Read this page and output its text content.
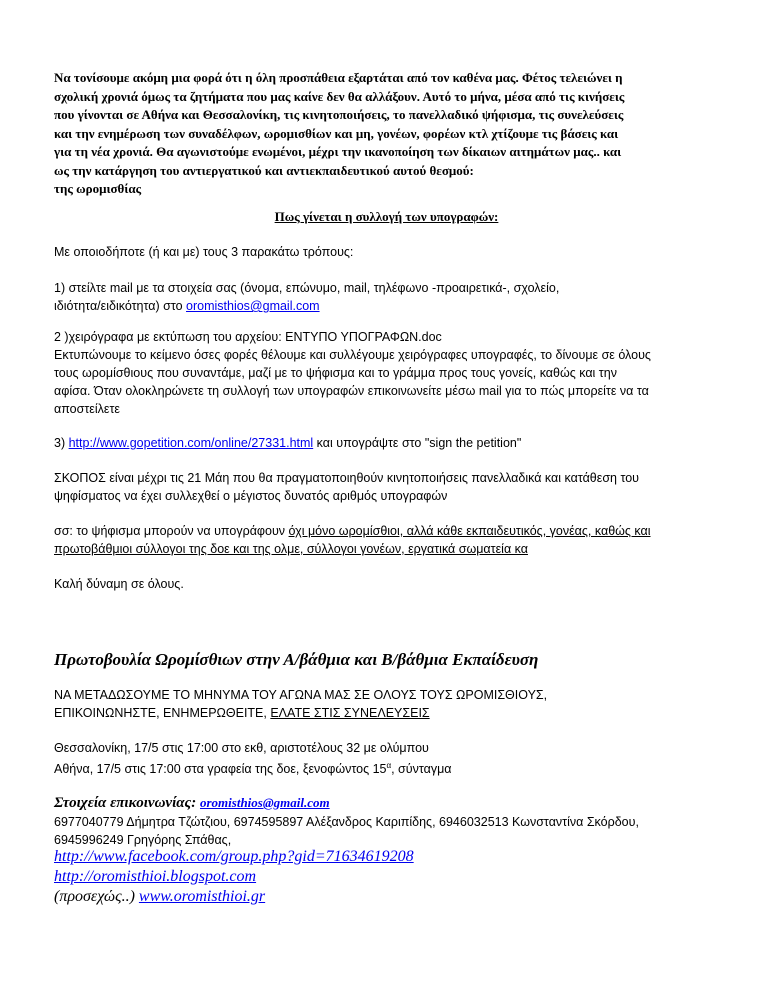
Να τονίσουμε ακόμη μια φορά ότι η όλη προσπάθεια εξαρτάται από τον καθένα μας. Φέτος τελειώνει η
σχολική χρονιά όμως τα ζητήματα που μας καίνε δεν θα αλλάξουν. Αυτό το μήνα, μέσα από τις κινήσεις
που γίνονται σε Αθήνα και Θεσσαλονίκη, τις κινητοποιήσεις, το πανελλαδικό ψήφισμα, τις συνελεύσεις
και την ενημέρωση των συναδέλφων, ωρομισθίων και μη, γονέων, φορέων κτλ χτίζουμε τις βάσεις και
για τη νέα χρονιά. Θα αγωνιστούμε ενωμένοι, μέχρι την ικανοποίηση των δίκαιων αιτημάτων μας.. και
ως την κατάργηση του αντιεργατικού και αντιεκπαιδευτικού αυτού θεσμού:
της ωρομισθίας
Πως γίνεται η συλλογή των υπογραφών:
Με οποιοδήποτε (ή και με) τους 3 παρακάτω τρόπους:
1) στείλτε mail με τα στοιχεία σας (όνομα, επώνυμο, mail, τηλέφωνο -προαιρετικά-, σχολείο,
ιδιότητα/ειδικότητα) στο oromisthios@gmail.com
2 )χειρόγραφα με εκτύπωση του αρχείου: ΕΝΤΥΠΟ ΥΠΟΓΡΑΦΩΝ.doc
Εκτυπώνουμε το κείμενο όσες φορές θέλουμε και συλλέγουμε χειρόγραφες υπογραφές, το δίνουμε σε όλους
τους ωρομίσθιους που συναντάμε, μαζί με το ψήφισμα και το γράμμα προς τους γονείς, καθώς και την
αφίσα. Όταν ολοκληρώνετε τη συλλογή των υπογραφών επικοινωνείτε μέσω mail για το πώς μπορείτε να τα
αποστείλετε
3) http://www.gopetition.com/online/27331.html και υπογράψτε στο "sign the petition"
ΣΚΟΠΟΣ είναι μέχρι τις 21 Μάη που θα πραγματοποιηθούν κινητοποιήσεις πανελλαδικά και κατάθεση του
ψηφίσματος να έχει συλλεχθεί ο μέγιστος δυνατός αριθμός υπογραφών
σσ: το ψήφισμα μπορούν να υπογράφουν όχι μόνο ωρομίσθιοι, αλλά κάθε εκπαιδευτικός, γονέας, καθώς και
πρωτοβάθμιοι σύλλογοι της δοε και της ολμε, σύλλογοι γονέων, εργατικά σωματεία κα
Καλή δύναμη σε όλους.
Πρωτοβουλία Ωρομίσθιων στην Α/βάθμια και Β/βάθμια Εκπαίδευση
ΝΑ ΜΕΤΑΔΩΣΟΥΜΕ ΤΟ ΜΗΝΥΜΑ ΤΟΥ ΑΓΩΝΑ ΜΑΣ ΣΕ ΟΛΟΥΣ ΤΟΥΣ ΩΡΟΜΙΣΘΙΟΥΣ,
ΕΠΙΚΟΙΝΩΝΗΣΤΕ, ΕΝΗΜΕΡΩΘΕΙΤΕ, ΕΛΑΤΕ ΣΤΙΣ ΣΥΝΕΛΕΥΣΕΙΣ
Θεσσαλονίκη, 17/5 στις 17:00 στο εκθ, αριστοτέλους 32 με ολύμπου
Αθήνα, 17/5 στις 17:00 στα γραφεία της δοε, ξενοφώντος $15^\alpha$, σύνταγμα
Στοιχεία επικοινωνίας: oromisthios@gmail.com
6977040779 Δήμητρα Τζώτζιου, 6974595897 Αλέξανδρος Καριπίδης, 6946032513 Κωνσταντίνα Σκόρδου,
6945996249 Γρηγόρης Σπάθας,
http://www.facebook.com/group.php?gid=71634619208
http://oromisthioi.blogspot.com
(προσεχώς..) www.oromisthioi.gr
